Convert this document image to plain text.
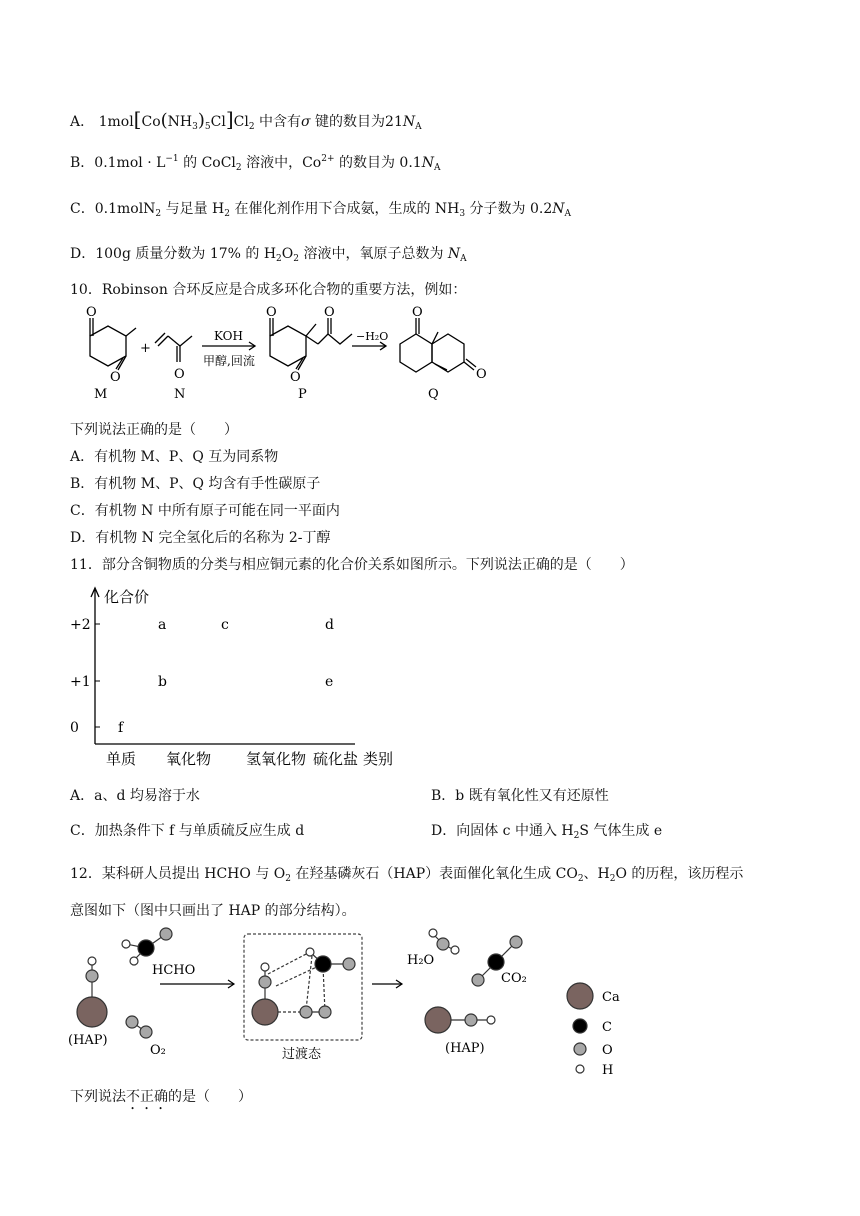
A． $1mol[Co(NH_3)_5Cl]Cl_2$ 中含有σ 键的数目为$21N_A$
B．$0.1mol \cdot L^{-1}$ 的 CoCl$_2$ 溶液中，$Co^{2+}$ 的数目为 $0.1N_A$
C．0.1molN$_2$ 与足量 $H_2$ 在催化剂作用下合成氨，生成的 $NH_3$ 分子数为 $0.2N_A$
D．100g 质量分数为 17% 的 $H_2O_2$ 溶液中，氧原子总数为 $N_A$
10．Robinson 合环反应是合成多环化合物的重要方法，例如：
O
O
M
+
O
N
KOH
甲醇,回流
O	O
O
P
−H₂O
O
O
Q
下列说法正确的是（　　）
A．有机物 M、P、Q 互为同系物
B．有机物 M、P、Q 均含有手性碳原子
C．有机物 N 中所有原子可能在同一平面内
D．有机物 N 完全氢化后的名称为 2-丁醇
11．部分含铜物质的分类与相应铜元素的化合价关系如图所示。下列说法正确的是（　　）
化合价
+2
+1
0
单质 氧化物 氢氧化物 硫化盐
a	c	d
b	e
f
类别
A．a、d 均易溶于水	B．b 既有氧化性又有还原性
C．加热条件下 f 与单质硫反应生成 d	D．向固体 c 中通入 $H_2S$ 气体生成 e
12．某科研人员提出 HCHO 与 $O_2$ 在羟基磷灰石（HAP）表面催化氧化生成 $CO_2$、$H_2O$ 的历程，该历程示
意图如下（图中只画出了 HAP 的部分结构）。
(HAP)
HCHO
O₂	过渡态
H₂O
CO₂
(HAP)
Ca
C
O
H
下列说法不正确的是（　　）
